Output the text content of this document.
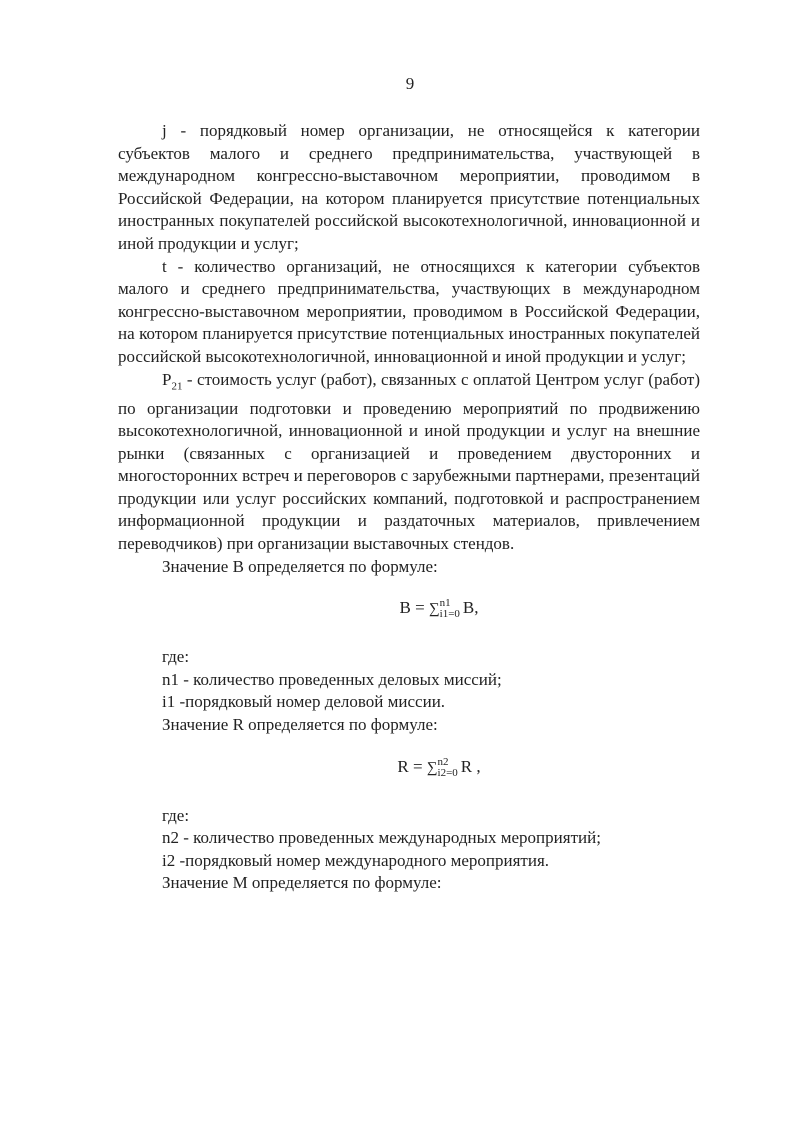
9

j - порядковый номер организации, не относящейся к категории субъектов малого и среднего предпринимательства, участвующей в международном конгрессно-выставочном мероприятии, проводимом в Российской Федерации, на котором планируется присутствие потенциальных иностранных покупателей российской высокотехнологичной, инновационной и иной продукции и услуг;

t - количество организаций, не относящихся к категории субъектов малого и среднего предпринимательства, участвующих в международном конгрессно-выставочном мероприятии, проводимом в Российской Федерации, на котором планируется присутствие потенциальных иностранных покупателей российской высокотехнологичной, инновационной и иной продукции и услуг;

$P_{21}$ - стоимость услуг (работ), связанных с оплатой Центром услуг (работ) по организации подготовки и проведению мероприятий по продвижению высокотехнологичной, инновационной и иной продукции и услуг на внешние рынки (связанных с организацией и проведением двусторонних и многосторонних встреч и переговоров с зарубежными партнерами, презентаций продукции или услуг российских компаний, подготовкой и распространением информационной продукции и раздаточных материалов, привлечением переводчиков) при организации выставочных стендов.

Значение B определяется по формуле:

B = ∑ n1
i1=0 B,

где:

n1 - количество проведенных деловых миссий;

i1 -порядковый номер деловой миссии.

Значение R определяется по формуле:

R = ∑ n2
i2=0 R ,

где:

n2 - количество проведенных международных мероприятий;

i2 -порядковый номер международного мероприятия.

Значение M определяется по формуле:
